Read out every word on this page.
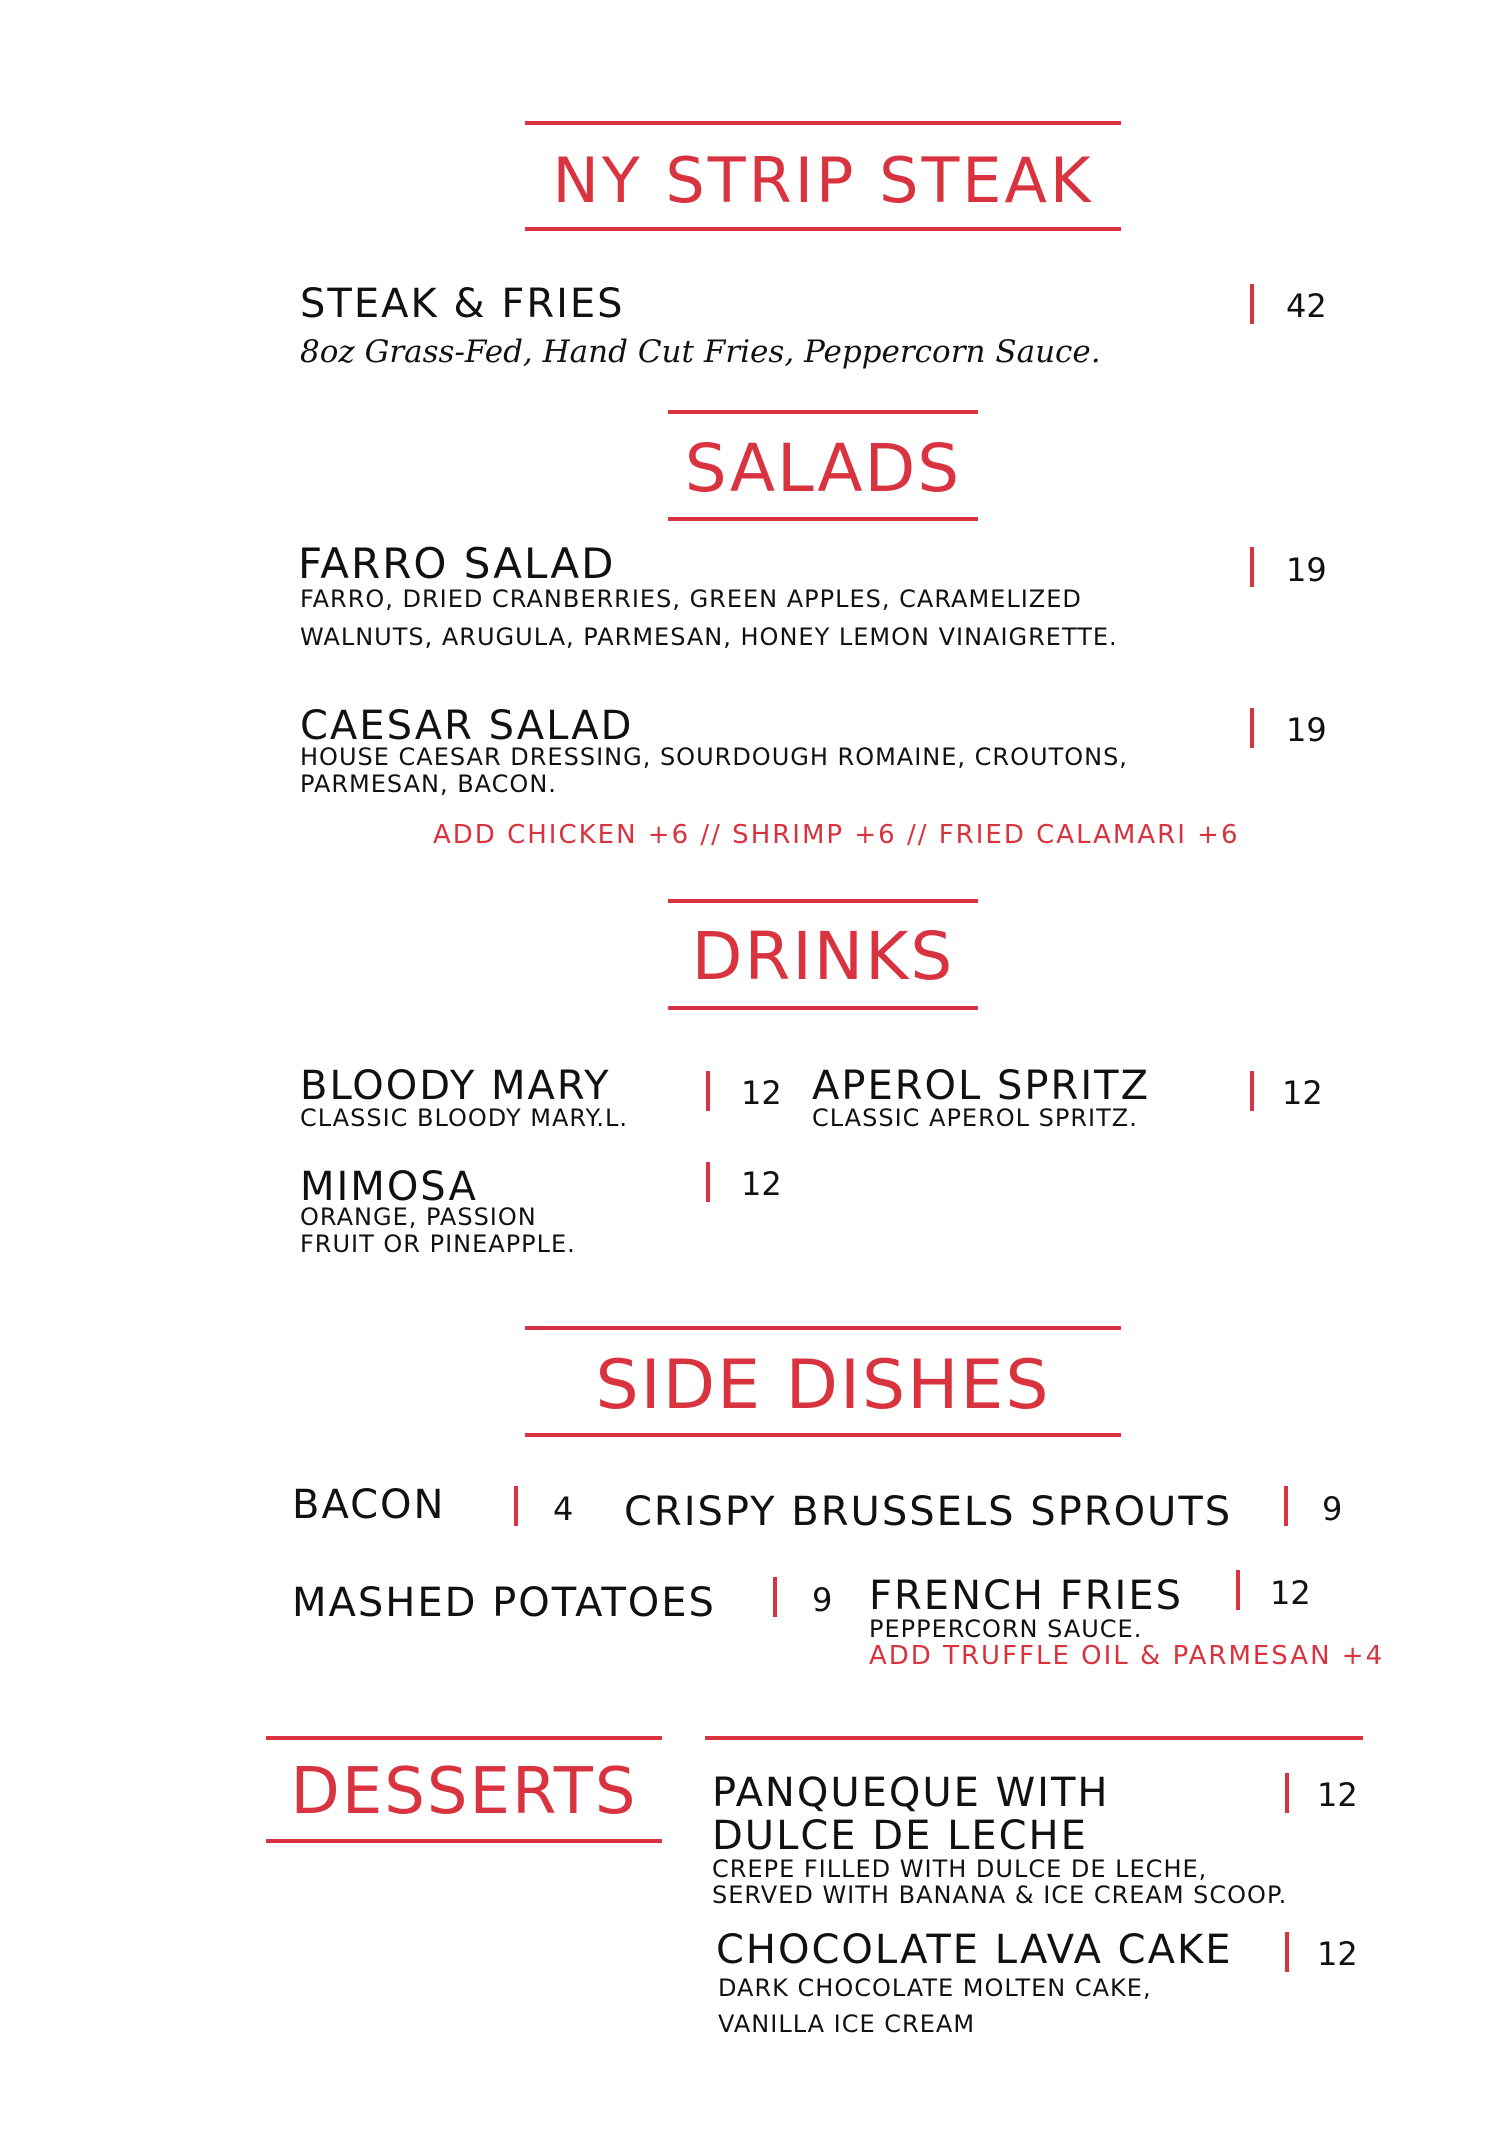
NY STRIP STEAK
STEAK & FRIES
8oz Grass-Fed, Hand Cut Fries, Peppercorn Sauce.
42
SALADS
FARRO SALAD
FARRO, DRIED CRANBERRIES, GREEN APPLES, CARAMELIZED
WALNUTS, ARUGULA, PARMESAN, HONEY LEMON VINAIGRETTE.
19
CAESAR SALAD
HOUSE CAESAR DRESSING, SOURDOUGH ROMAINE, CROUTONS,
PARMESAN, BACON.
19
ADD CHICKEN +6 // SHRIMP +6 // FRIED CALAMARI +6
DRINKS
BLOODY MARY
CLASSIC BLOODY MARY.L.
12 APEROL SPRITZ
CLASSIC APEROL SPRITZ.
12
MIMOSA
ORANGE, PASSION
FRUIT OR PINEAPPLE.
12
SIDE DISHES
BACON	4 CRISPY BRUSSELS SPROUTS	9
MASHED POTATOES	9 FRENCH FRIES
PEPPERCORN SAUCE.
ADD TRUFFLE OIL & PARMESAN +4
12
DESSERTS	PANQUEQUE WITH
DULCE DE LECHE
CREPE FILLED WITH DULCE DE LECHE,
SERVED WITH BANANA & ICE CREAM SCOOP.
12
CHOCOLATE LAVA CAKE
DARK CHOCOLATE MOLTEN CAKE,
VANILLA ICE CREAM
12
